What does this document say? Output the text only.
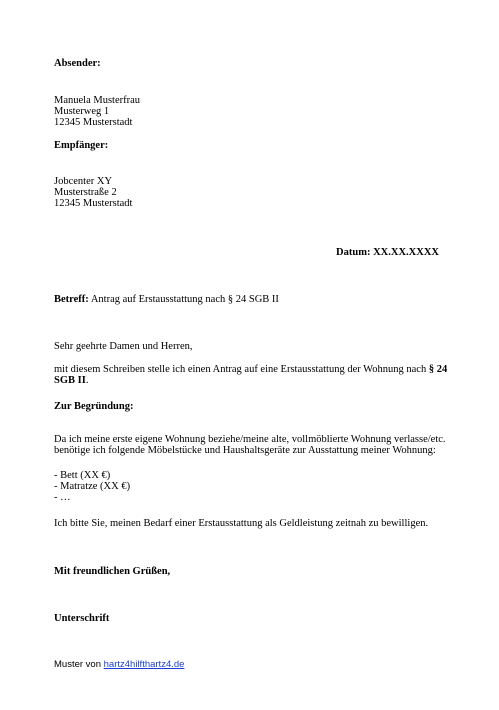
Absender:
Manuela Musterfrau
Musterweg 1
12345 Musterstadt
Empfänger:
Jobcenter XY
Musterstraße 2
12345 Musterstadt
Datum: XX.XX.XXXX
Betreff: Antrag auf Erstausstattung nach § 24 SGB II
Sehr geehrte Damen und Herren,
mit diesem Schreiben stelle ich einen Antrag auf eine Erstausstattung der Wohnung nach § 24
SGB II.
Zur Begründung:
Da ich meine erste eigene Wohnung beziehe/meine alte, vollmöblierte Wohnung verlasse/etc.
benötige ich folgende Möbelstücke und Haushaltsgeräte zur Ausstattung meiner Wohnung:
- Bett (XX €)
- Matratze (XX €)
- …
Ich bitte Sie, meinen Bedarf einer Erstausstattung als Geldleistung zeitnah zu bewilligen.
Mit freundlichen Grüßen,
Unterschrift
Muster von hartz4hilfthartz4.de
